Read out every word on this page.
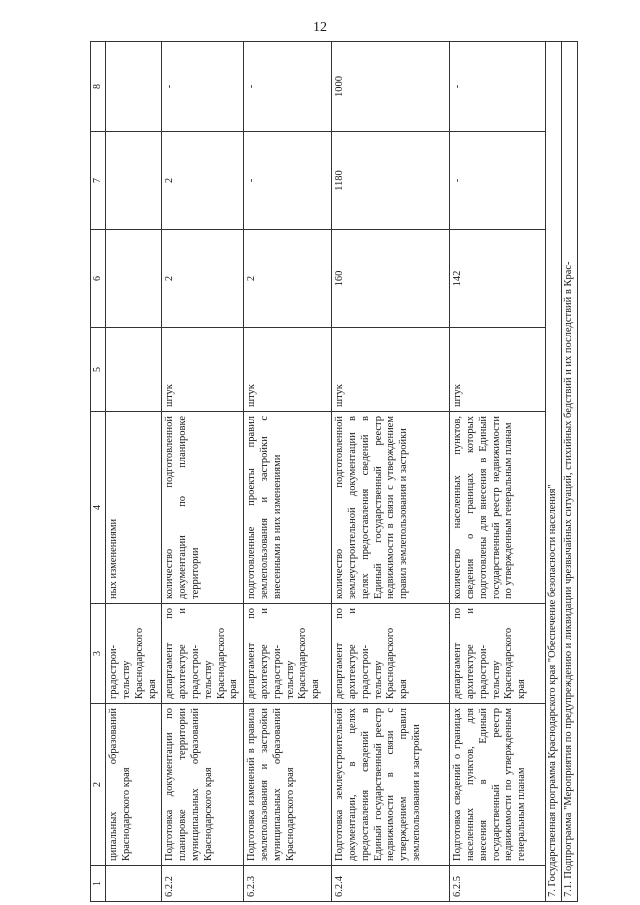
12
1	2	3	4	5	6	7	8
	ципальных образований Краснодарского края	градострои-тельству Краснодарского края	ных изменениями				
6.2.2	Подготовка документации по планировке территории муниципальных образований Краснодарского края	департамент по архитектуре и градострои-тельству Краснодарского края	количество подготовленной документации по планировке территории	штук	2	2	-
6.2.3	Подготовка изменений в правила землепользования и застройки муниципальных образований Краснодарского края	департамент по архитектуре и градострои-тельству Краснодарского края	подготовленные проекты правил землепользования и застройки с внесенными в них изменениями	штук	2	-	-
6.2.4	Подготовка землеустроительной документации, в целях предоставления сведений в Единый государственный реестр недвижимости в связи с утверждением правил землепользования и застройки	департамент по архитектуре и градострои-тельству Краснодарского края	количество подготовленной землеустроительной документации в целях предоставления сведений в Единый государственный реестр недвижимости в связи с утверждением правил землепользования и застройки	штук	160	1180	1000
6.2.5	Подготовка сведений о границах населенных пунктов, для внесения в Единый государственный реестр недвижимости по утвержденным генеральным планам	департамент по архитектуре и градострои-тельству Краснодарского края	количество населенных пунктов, сведения о границах которых подготовлены для внесения в Единый государственный реестр недвижимости по утвержденным генеральным планам	штук	142	-	-
7. Государственная программа Краснодарского края "Обеспечение безопасности населения"							
7.1. Подпрограмма "Мероприятия по предупреждению и ликвидации чрезвычайных ситуаций, стихийных бедствий и их последствий в Крас-							
